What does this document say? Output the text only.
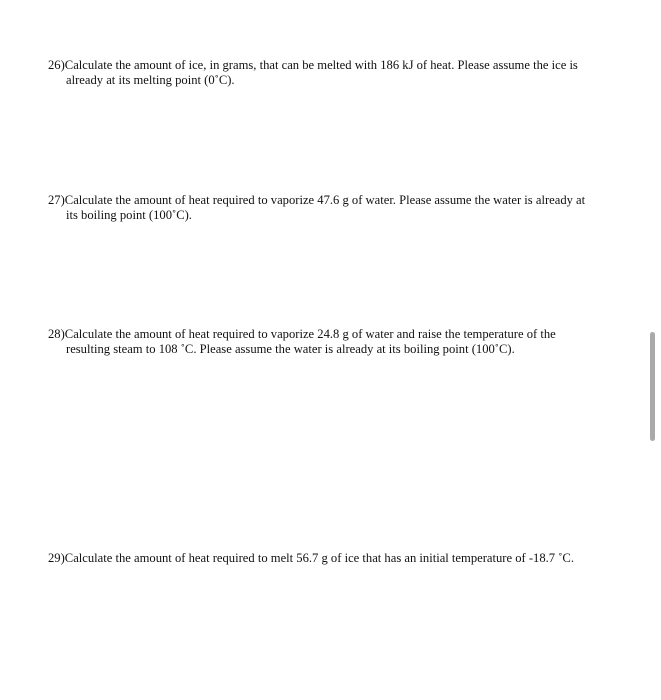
26) Calculate the amount of ice, in grams, that can be melted with 186 kJ of heat. Please assume the ice is
already at its melting point (0˚C).
27) Calculate the amount of heat required to vaporize 47.6 g of water. Please assume the water is already at
its boiling point (100˚C).
28) Calculate the amount of heat required to vaporize 24.8 g of water and raise the temperature of the
resulting steam to 108 ˚C. Please assume the water is already at its boiling point (100˚C).
29) Calculate the amount of heat required to melt 56.7 g of ice that has an initial temperature of -18.7 ˚C.
